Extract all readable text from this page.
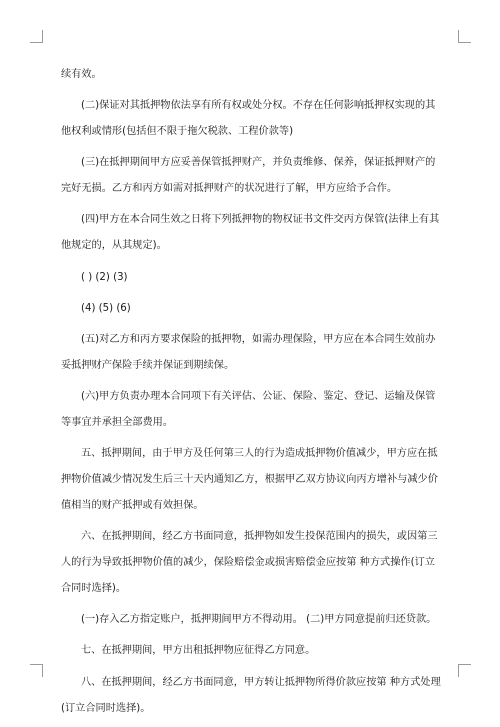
续有效。

(二)保证对其抵押物依法享有所有权或处分权。不存在任何影响抵押权实现的其他权利或情形(包括但不限于拖欠税款、工程价款等)

(三)在抵押期间甲方应妥善保管抵押财产，并负责维修、保养，保证抵押财产的完好无损。乙方和丙方如需对抵押财产的状况进行了解，甲方应给予合作。

(四)甲方在本合同生效之日将下列抵押物的物权证书文件交丙方保管(法律上有其他规定的，从其规定)。

( ) (2) (3)

(4) (5) (6)

(五)对乙方和丙方要求保险的抵押物，如需办理保险，甲方应在本合同生效前办妥抵押财产保险手续并保证到期续保。

(六)甲方负责办理本合同项下有关评估、公证、保险、鉴定、登记、运输及保管等事宜并承担全部费用。

五、抵押期间，由于甲方及任何第三人的行为造成抵押物价值减少，甲方应在抵押物价值减少情况发生后三十天内通知乙方，根据甲乙双方协议向丙方增补与减少价值相当的财产抵押或有效担保。

六、在抵押期间，经乙方书面同意，抵押物如发生投保范围内的损失，或因第三人的行为导致抵押物价值的减少，保险赔偿金或损害赔偿金应按第 种方式操作(订立合同时选择)。

(一)存入乙方指定账户，抵押期间甲方不得动用。 (二)甲方同意提前归还贷款。

七、在抵押期间，甲方出租抵押物应征得乙方同意。

八、在抵押期间，经乙方书面同意，甲方转让抵押物所得价款应按第 种方式处理(订立合同时选择)。
